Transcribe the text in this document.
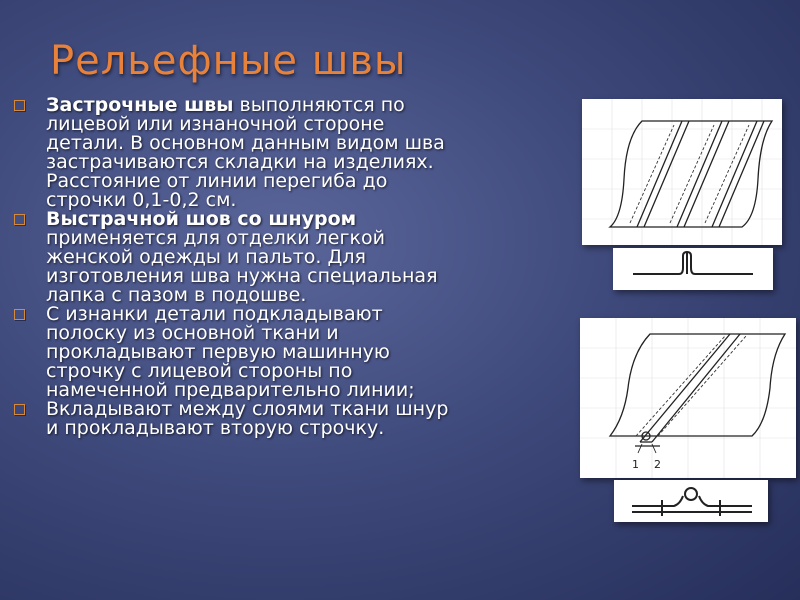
Рельефные швы
Застрочные швы выполняются по лицевой или изнаночной стороне детали. В основном данным видом шва застрачиваются складки на изделиях. Расстояние от линии перегиба до строчки 0,1-0,2 см.
Выстрачной шов со шнуром применяется для отделки легкой женской одежды и пальто. Для изготовления шва нужна специальная лапка с пазом в подошве.
С изнанки детали подкладывают полоску из основной ткани и прокладывают первую машинную строчку с лицевой стороны по намеченной предварительно линии;
Вкладывают между слоями ткани шнур и прокладывают вторую строчку.
1 2
